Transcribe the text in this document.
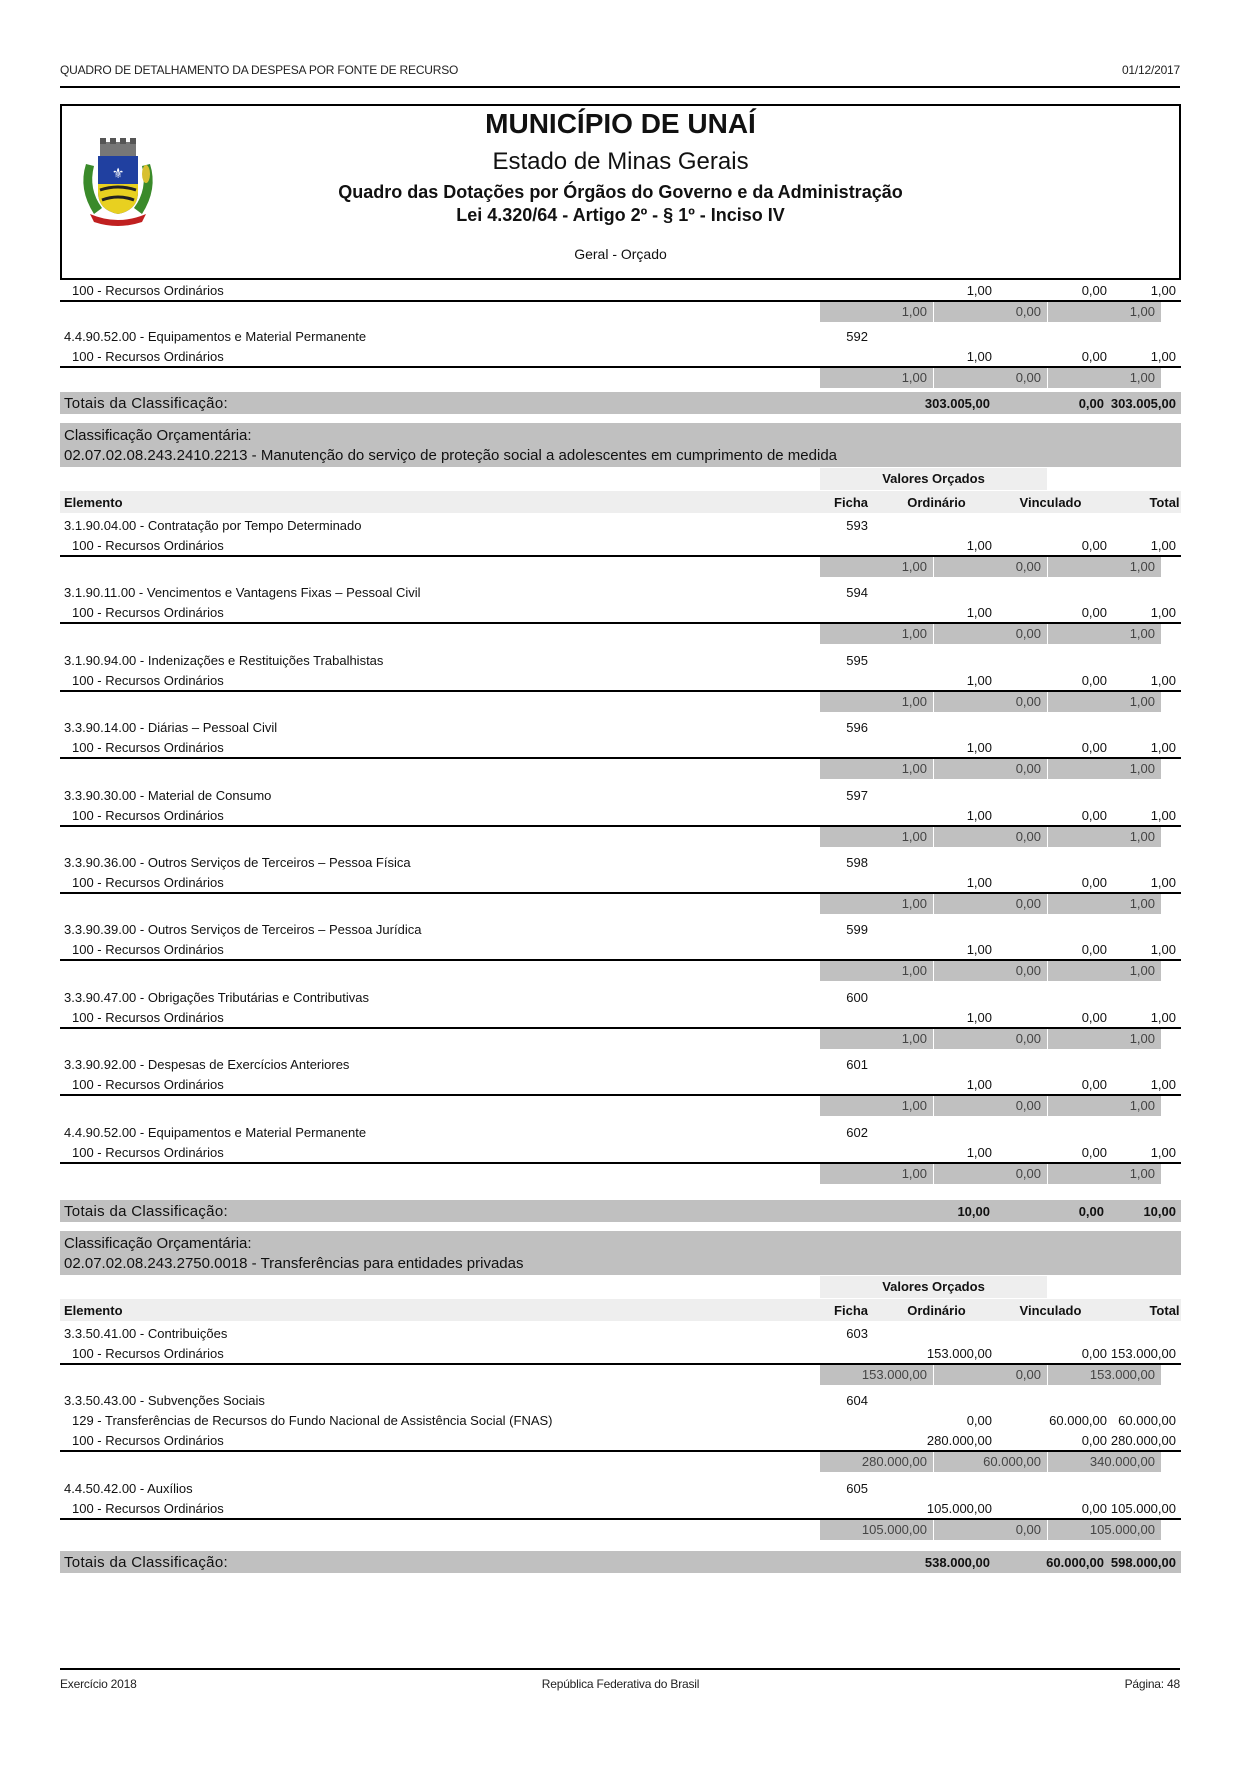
QUADRO DE DETALHAMENTO DA DESPESA POR FONTE DE RECURSO	01/12/2017
⚜
MUNICÍPIO DE UNAÍ
Estado de Minas Gerais
Quadro das Dotações por Órgãos do Governo e da Administração
Lei 4.320/64 - Artigo 2º - § 1º - Inciso IV
Geral - Orçado
100 - Recursos Ordinários	1,00	0,00	1,00
1,00	0,00	1,00
4.4.90.52.00 - Equipamentos e Material Permanente	592
100 - Recursos Ordinários	1,00	0,00	1,00
1,00	0,00	1,00
Totais da Classificação:	303.005,00	0,00 303.005,00
Classificação Orçamentária:
02.07.02.08.243.2410.2213 - Manutenção do serviço de proteção social a adolescentes em cumprimento de medida
Valores Orçados
Elemento	Ficha	Ordinário	Vinculado	Total
3.1.90.04.00 - Contratação por Tempo Determinado	593
100 - Recursos Ordinários	1,00	0,00	1,00
1,00	0,00	1,00
3.1.90.11.00 - Vencimentos e Vantagens Fixas – Pessoal Civil	594
100 - Recursos Ordinários	1,00	0,00	1,00
1,00	0,00	1,00
3.1.90.94.00 - Indenizações e Restituições Trabalhistas	595
100 - Recursos Ordinários	1,00	0,00	1,00
1,00	0,00	1,00
3.3.90.14.00 - Diárias – Pessoal Civil	596
100 - Recursos Ordinários	1,00	0,00	1,00
1,00	0,00	1,00
3.3.90.30.00 - Material de Consumo	597
100 - Recursos Ordinários	1,00	0,00	1,00
1,00	0,00	1,00
3.3.90.36.00 - Outros Serviços de Terceiros – Pessoa Física	598
100 - Recursos Ordinários	1,00	0,00	1,00
1,00	0,00	1,00
3.3.90.39.00 - Outros Serviços de Terceiros – Pessoa Jurídica	599
100 - Recursos Ordinários	1,00	0,00	1,00
1,00	0,00	1,00
3.3.90.47.00 - Obrigações Tributárias e Contributivas	600
100 - Recursos Ordinários	1,00	0,00	1,00
1,00	0,00	1,00
3.3.90.92.00 - Despesas de Exercícios Anteriores	601
100 - Recursos Ordinários	1,00	0,00	1,00
1,00	0,00	1,00
4.4.90.52.00 - Equipamentos e Material Permanente	602
100 - Recursos Ordinários	1,00	0,00	1,00
1,00	0,00	1,00
Totais da Classificação:	10,00	0,00	10,00
Classificação Orçamentária:
02.07.02.08.243.2750.0018 - Transferências para entidades privadas
Valores Orçados
Elemento	Ficha	Ordinário	Vinculado	Total
3.3.50.41.00 - Contribuições	603
100 - Recursos Ordinários	153.000,00	0,00 153.000,00
153.000,00	0,00	153.000,00
3.3.50.43.00 - Subvenções Sociais	604
129 - Transferências de Recursos do Fundo Nacional de Assistência Social (FNAS)	0,00	60.000,00 60.000,00
100 - Recursos Ordinários	280.000,00	0,00 280.000,00
280.000,00	60.000,00	340.000,00
4.4.50.42.00 - Auxílios	605
100 - Recursos Ordinários	105.000,00	0,00 105.000,00
105.000,00	0,00	105.000,00
Totais da Classificação:	538.000,00	60.000,00 598.000,00
Exercício 2018	República Federativa do Brasil	Página: 48
